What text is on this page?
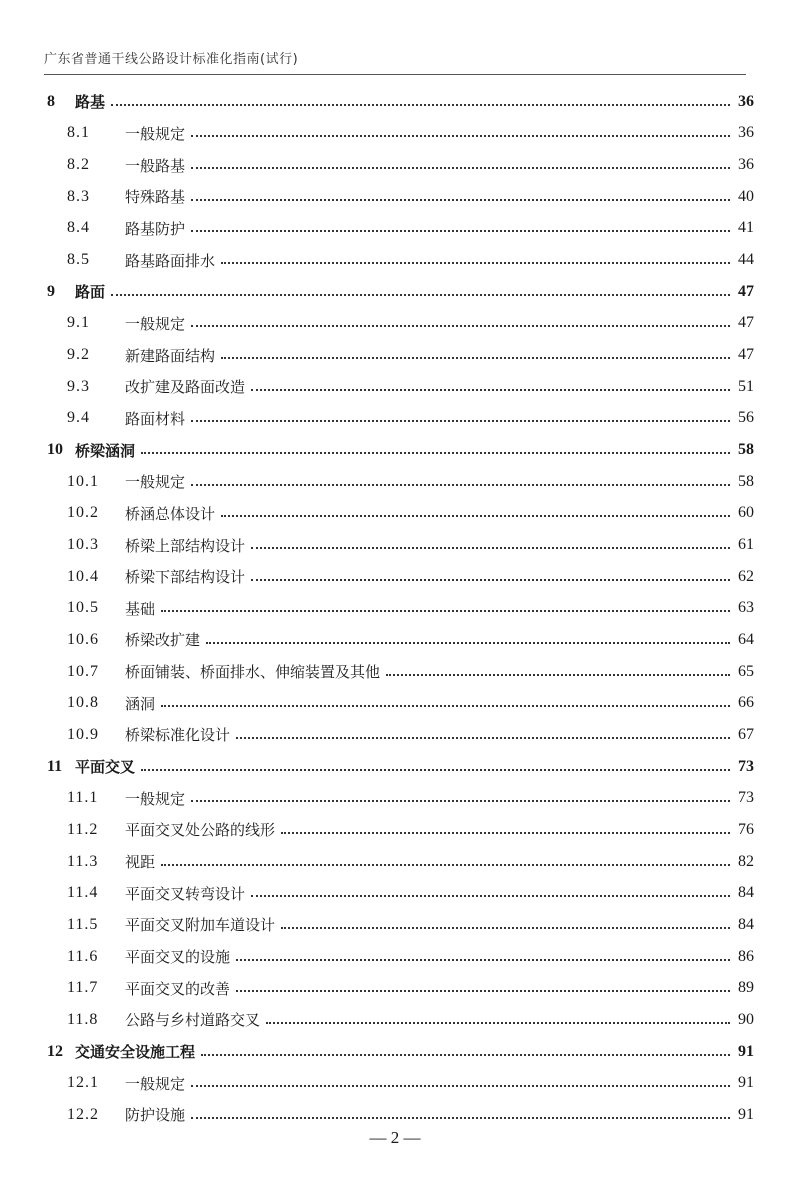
广东省普通干线公路设计标准化指南(试行)
8	路基	36
8.1	一般规定	36
8.2	一般路基	36
8.3	特殊路基	40
8.4	路基防护	41
8.5	路基路面排水	44
9	路面	47
9.1	一般规定	47
9.2	新建路面结构	47
9.3	改扩建及路面改造	51
9.4	路面材料	56
10 桥梁涵洞	58
10.1	一般规定	58
10.2	桥涵总体设计	60
10.3	桥梁上部结构设计	61
10.4	桥梁下部结构设计	62
10.5	基础	63
10.6	桥梁改扩建	64
10.7	桥面铺装、桥面排水、伸缩装置及其他	65
10.8	涵洞	66
10.9	桥梁标准化设计	67
11 平面交叉	73
11.1	一般规定	73
11.2	平面交叉处公路的线形	76
11.3	视距	82
11.4	平面交叉转弯设计	84
11.5	平面交叉附加车道设计	84
11.6	平面交叉的设施	86
11.7	平面交叉的改善	89
11.8	公路与乡村道路交叉	90
12 交通安全设施工程	91
12.1	一般规定	91
12.2	防护设施	91
— 2 —
